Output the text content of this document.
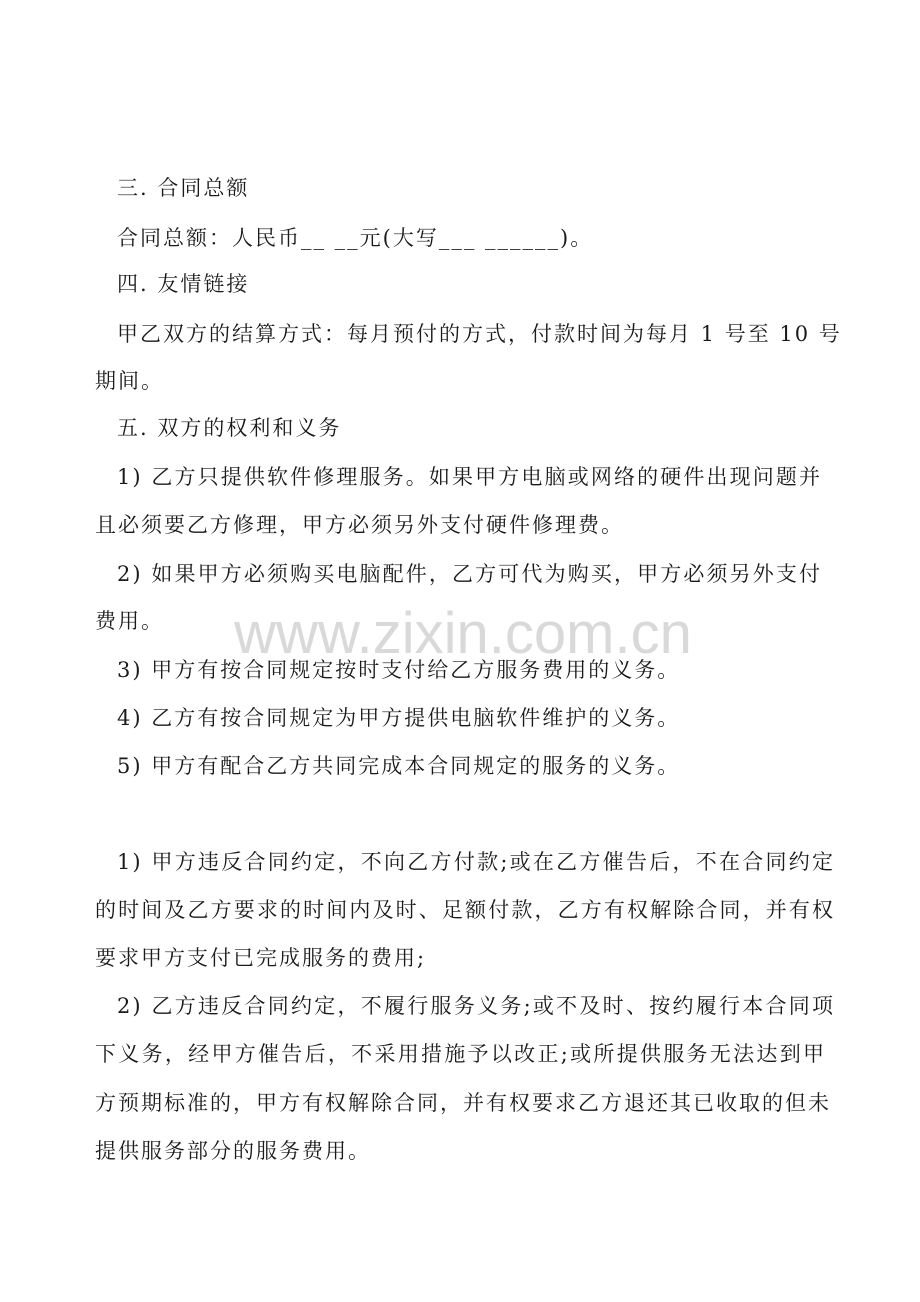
www.zixin.com.cn
三. 合同总额
合同总额：人民币__ __元(大写___ ______)。
四. 友情链接
甲乙双方的结算方式：每月预付的方式，付款时间为每月 1 号至 10 号
期间。
五. 双方的权利和义务
1) 乙方只提供软件修理服务。如果甲方电脑或网络的硬件出现问题并
且必须要乙方修理，甲方必须另外支付硬件修理费。
2) 如果甲方必须购买电脑配件，乙方可代为购买，甲方必须另外支付
费用。
3) 甲方有按合同规定按时支付给乙方服务费用的义务。
4) 乙方有按合同规定为甲方提供电脑软件维护的义务。
5) 甲方有配合乙方共同完成本合同规定的服务的义务。
1) 甲方违反合同约定，不向乙方付款;或在乙方催告后，不在合同约定
的时间及乙方要求的时间内及时、足额付款，乙方有权解除合同，并有权
要求甲方支付已完成服务的费用;
2) 乙方违反合同约定，不履行服务义务;或不及时、按约履行本合同项
下义务，经甲方催告后，不采用措施予以改正;或所提供服务无法达到甲
方预期标准的，甲方有权解除合同，并有权要求乙方退还其已收取的但未
提供服务部分的服务费用。
